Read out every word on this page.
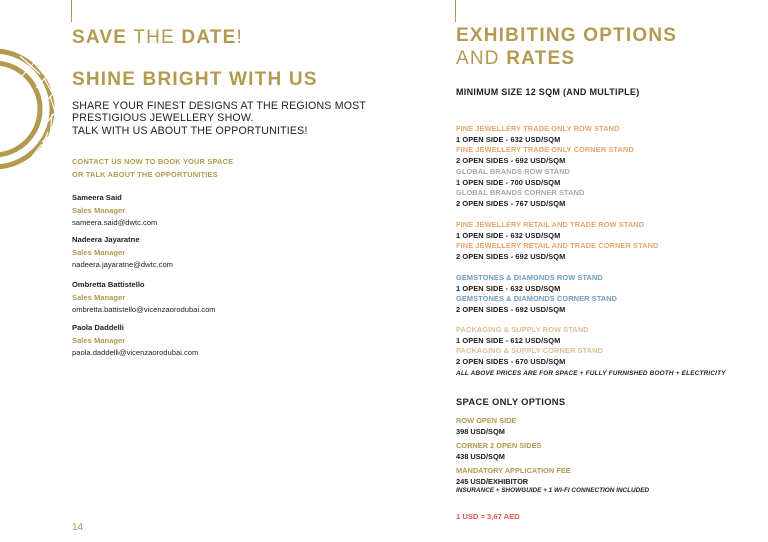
SAVE THE DATE!
SHINE BRIGHT WITH US
SHARE YOUR FINEST DESIGNS AT THE REGIONS MOST
PRESTIGIOUS JEWELLERY SHOW.
TALK WITH US ABOUT THE OPPORTUNITIES!
CONTACT US NOW TO BOOK YOUR SPACE
OR TALK ABOUT THE OPPORTUNITIES
Sameera Said
Sales Manager
sameera.said@dwtc.com
Nadeera Jayaratne
Sales Manager
nadeera.jayaratne@dwtc.com
Ombretta Battistello
Sales Manager
ombretta.battistello@vicenzaorodubai.com
Paola Daddelli
Sales Manager
paola.daddelli@vicenzaorodubai.com
14
EXHIBITING OPTIONS
AND RATES
MINIMUM SIZE 12 SQM (AND MULTIPLE)
FINE JEWELLERY TRADE ONLY ROW STAND
1 OPEN SIDE - 632 USD/SQM
FINE JEWELLERY TRADE ONLY CORNER STAND
2 OPEN SIDES - 692 USD/SQM
GLOBAL BRANDS ROW STAND
1 OPEN SIDE - 700 USD/SQM
GLOBAL BRANDS CORNER STAND
2 OPEN SIDES - 767 USD/SQM
FINE JEWELLERY RETAIL AND TRADE ROW STAND
1 OPEN SIDE - 632 USD/SQM
FINE JEWELLERY RETAIL AND TRADE CORNER STAND
2 OPEN SIDES - 692 USD/SQM
GEMSTONES & DIAMONDS ROW STAND
1 OPEN SIDE - 632 USD/SQM
GEMSTONES & DIAMONDS CORNER STAND
2 OPEN SIDES - 692 USD/SQM
PACKAGING & SUPPLY ROW STAND
1 OPEN SIDE - 612 USD/SQM
PACKAGING & SUPPLY CORNER STAND
2 OPEN SIDES - 670 USD/SQM
ALL ABOVE PRICES ARE FOR SPACE + FULLY FURNISHED BOOTH + ELECTRICITY
SPACE ONLY OPTIONS
ROW OPEN SIDE
398 USD/SQM
CORNER 2 OPEN SIDES
438 USD/SQM
MANDATORY APPLICATION FEE
245 USD/EXHIBITOR
INSURANCE + SHOWGUIDE + 1 WI-FI CONNECTION INCLUDED
1 USD = 3,67 AED
